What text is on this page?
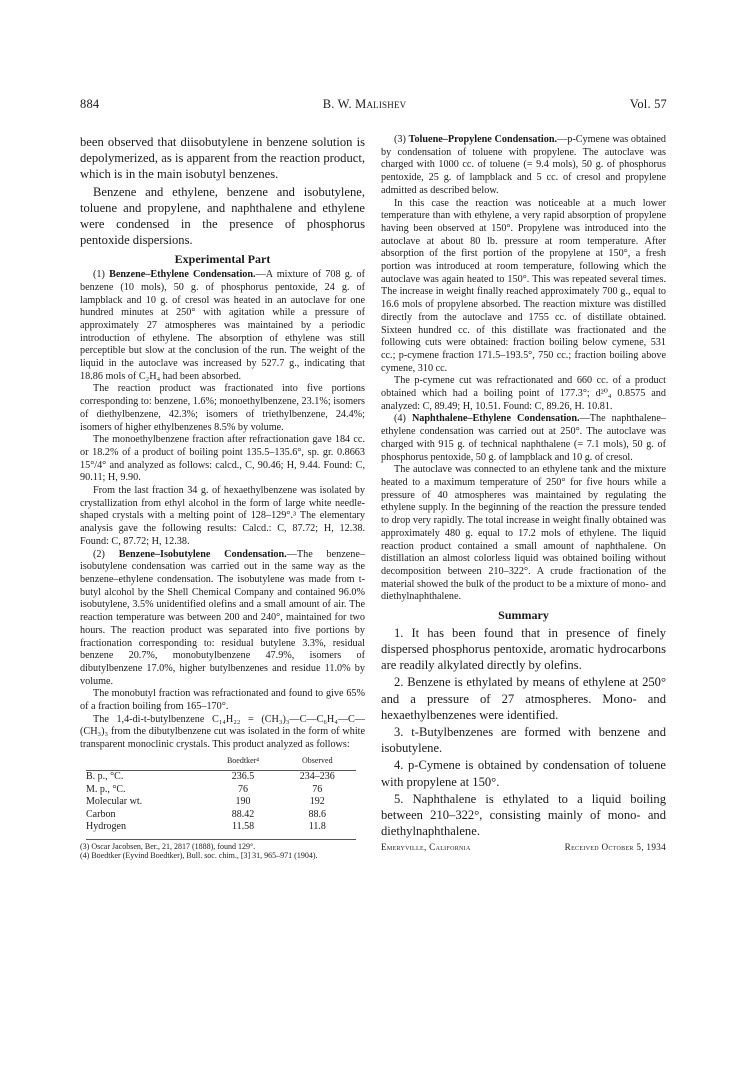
884	B. W. Malishev	Vol. 57

been observed that diisobutylene in benzene solution is depolymerized, as is apparent from the reaction product, which is in the main isobutyl benzenes.

Benzene and ethylene, benzene and isobutylene, toluene and propylene, and naphthalene and ethylene were condensed in the presence of phosphorus pentoxide dispersions.

Experimental Part

(1) Benzene–Ethylene Condensation.—A mixture of 708 g. of benzene (10 mols), 50 g. of phosphorus pentoxide, 24 g. of lampblack and 10 g. of cresol was heated in an autoclave for one hundred minutes at 250° with agitation while a pressure of approximately 27 atmospheres was maintained by a periodic introduction of ethylene. The absorption of ethylene was still perceptible but slow at the conclusion of the run. The weight of the liquid in the autoclave was increased by 527.7 g., indicating that 18.86 mols of C₂H₄ had been absorbed.

The reaction product was fractionated into five portions corresponding to: benzene, 1.6%; monoethylbenzene, 23.1%; isomers of diethylbenzene, 42.3%; isomers of triethylbenzene, 24.4%; isomers of higher ethylbenzenes 8.5% by volume.

The monoethylbenzene fraction after refractionation gave 184 cc. or 18.2% of a product of boiling point 135.5–135.6°, sp. gr. 0.8663 15°/4° and analyzed as follows: calcd., C, 90.46; H, 9.44. Found: C, 90.11; H, 9.90.

From the last fraction 34 g. of hexaethylbenzene was isolated by crystallization from ethyl alcohol in the form of large white needle-shaped crystals with a melting point of 128–129°.³ The elementary analysis gave the following results: Calcd.: C, 87.72; H, 12.38. Found: C, 87.72; H, 12.38.

(2) Benzene–Isobutylene Condensation.—The benzene–isobutylene condensation was carried out in the same way as the benzene–ethylene condensation. The isobutylene was made from t-butyl alcohol by the Shell Chemical Company and contained 96.0% isobutylene, 3.5% unidentified olefins and a small amount of air. The reaction temperature was between 200 and 240°, maintained for two hours. The reaction product was separated into five portions by fractionation corresponding to: residual butylene 3.3%, residual benzene 20.7%, monobutylbenzene 47.9%, isomers of dibutylbenzene 17.0%, higher butylbenzenes and residue 11.0% by volume.

The monobutyl fraction was refractionated and found to give 65% of a fraction boiling from 165–170°.

The 1,4-di-t-butylbenzene C₁₄H₂₂ = (CH₃)₃—C—C₆H₄—C—(CH₃)₃ from the dibutylbenzene cut was isolated in the form of white transparent monoclinic crystals. This product analyzed as follows:

	Boedtker⁴	Observed
B. p., °C.	236.5	234–236
M. p., °C.	76	76
Molecular wt.	190	192
Carbon	88.42	88.6
Hydrogen	11.58	11.8

(3) Oscar Jacobsen, Ber., 21, 2817 (1888), found 129°.

(4) Boedtker (Eyvind Boedtker), Bull. soc. chim., [3] 31, 965–971 (1904).

(3) Toluene–Propylene Condensation.—p-Cymene was obtained by condensation of toluene with propylene. The autoclave was charged with 1000 cc. of toluene (= 9.4 mols), 50 g. of phosphorus pentoxide, 25 g. of lampblack and 5 cc. of cresol and propylene admitted as described below.

In this case the reaction was noticeable at a much lower temperature than with ethylene, a very rapid absorption of propylene having been observed at 150°. Propylene was introduced into the autoclave at about 80 lb. pressure at room temperature. After absorption of the first portion of the propylene at 150°, a fresh portion was introduced at room temperature, following which the autoclave was again heated to 150°. This was repeated several times. The increase in weight finally reached approximately 700 g., equal to 16.6 mols of propylene absorbed. The reaction mixture was distilled directly from the autoclave and 1755 cc. of distillate obtained. Sixteen hundred cc. of this distillate was fractionated and the following cuts were obtained: fraction boiling below cymene, 531 cc.; p-cymene fraction 171.5–193.5°, 750 cc.; fraction boiling above cymene, 310 cc.

The p-cymene cut was refractionated and 660 cc. of a product obtained which had a boiling point of 177.3°; d²⁰₄ 0.8575 and analyzed: C, 89.49; H, 10.51. Found: C, 89.26, H. 10.81.

(4) Naphthalene–Ethylene Condensation.—The naphthalene–ethylene condensation was carried out at 250°. The autoclave was charged with 915 g. of technical naphthalene (= 7.1 mols), 50 g. of phosphorus pentoxide, 50 g. of lampblack and 10 g. of cresol.

The autoclave was connected to an ethylene tank and the mixture heated to a maximum temperature of 250° for five hours while a pressure of 40 atmospheres was maintained by regulating the ethylene supply. In the beginning of the reaction the pressure tended to drop very rapidly. The total increase in weight finally obtained was approximately 480 g. equal to 17.2 mols of ethylene. The liquid reaction product contained a small amount of naphthalene. On distillation an almost colorless liquid was obtained boiling without decomposition between 210–322°. A crude fractionation of the material showed the bulk of the product to be a mixture of mono- and diethylnaphthalene.

Summary

1. It has been found that in presence of finely dispersed phosphorus pentoxide, aromatic hydrocarbons are readily alkylated directly by olefins.

2. Benzene is ethylated by means of ethylene at 250° and a pressure of 27 atmospheres. Mono- and hexaethylbenzenes were identified.

3. t-Butylbenzenes are formed with benzene and isobutylene.

4. p-Cymene is obtained by condensation of toluene with propylene at 150°.

5. Naphthalene is ethylated to a liquid boiling between 210–322°, consisting mainly of mono- and diethylnaphthalene.

Emeryville, California	Received October 5, 1934
